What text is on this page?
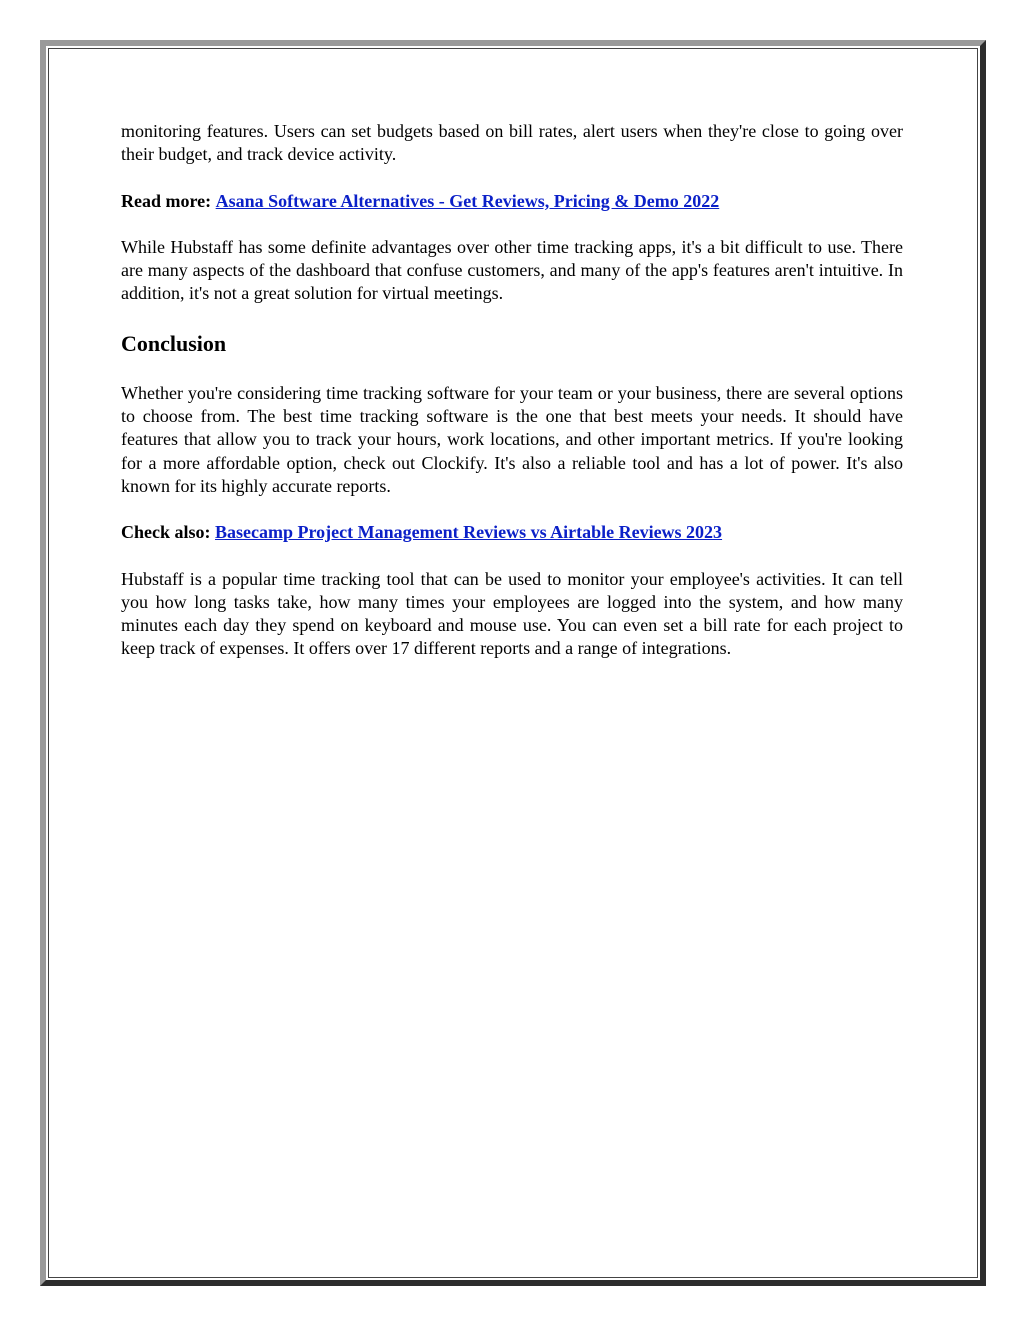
monitoring features. Users can set budgets based on bill rates, alert users when they're close to going over their budget, and track device activity.

Read more: Asana Software Alternatives - Get Reviews, Pricing & Demo 2022

While Hubstaff has some definite advantages over other time tracking apps, it's a bit difficult to use. There are many aspects of the dashboard that confuse customers, and many of the app's features aren't intuitive. In addition, it's not a great solution for virtual meetings.

Conclusion

Whether you're considering time tracking software for your team or your business, there are several options to choose from. The best time tracking software is the one that best meets your needs. It should have features that allow you to track your hours, work locations, and other important metrics. If you're looking for a more affordable option, check out Clockify. It's also a reliable tool and has a lot of power. It's also known for its highly accurate reports.

Check also: Basecamp Project Management Reviews vs Airtable Reviews 2023

Hubstaff is a popular time tracking tool that can be used to monitor your employee's activities. It can tell you how long tasks take, how many times your employees are logged into the system, and how many minutes each day they spend on keyboard and mouse use. You can even set a bill rate for each project to keep track of expenses. It offers over 17 different reports and a range of integrations.
